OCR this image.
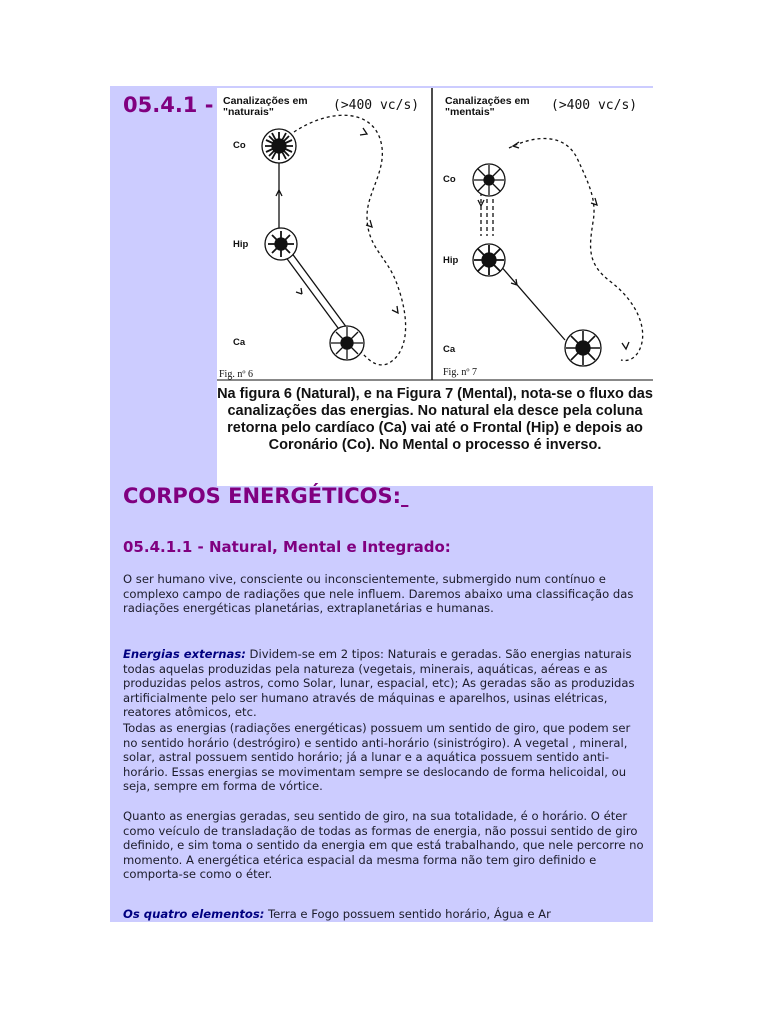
05.4.1 - Canalizações em
"naturais"	(>400 vc/s)
Co
Hip
Ca
Fig. nº 6
Canalizações em
"mentais"	(>400 vc/s)
Co
Hip
Ca
Fig. nº 7
Na figura 6 (Natural), e na Figura 7 (Mental), nota-se o fluxo das canalizações das energias. No natural ela desce pela coluna retorna pelo cardíaco (Ca) vai até o Frontal (Hip) e depois ao Coronário (Co). No Mental o processo é inverso.
CORPOS ENERGÉTICOS:
05.4.1.1 - Natural, Mental e Integrado:
O ser humano vive, consciente ou inconscientemente, submergido num contínuo e complexo campo de radiações que nele influem. Daremos abaixo uma classificação das radiações energéticas planetárias, extraplanetárias e humanas.
Energias externas: Dividem-se em 2 tipos: Naturais e geradas. São energias naturais todas aquelas produzidas pela natureza (vegetais, minerais, aquáticas, aéreas e as produzidas pelos astros, como Solar, lunar, espacial, etc); As geradas são as produzidas artificialmente pelo ser humano através de máquinas e aparelhos, usinas elétricas, reatores atômicos, etc.
Todas as energias (radiações energéticas) possuem um sentido de giro, que podem ser no sentido horário (destrógiro) e sentido anti-horário (sinistrógiro). A vegetal , mineral, solar, astral possuem sentido horário; já a lunar e a aquática possuem sentido anti-horário. Essas energias se movimentam sempre se deslocando de forma helicoidal, ou seja, sempre em forma de vórtice.
Quanto as energias geradas, seu sentido de giro, na sua totalidade, é o horário. O éter como veículo de transladação de todas as formas de energia, não possui sentido de giro definido, e sim toma o sentido da energia em que está trabalhando, que nele percorre no momento. A energética etérica espacial da mesma forma não tem giro definido e comporta-se como o éter.
Os quatro elementos: Terra e Fogo possuem sentido horário, Água e Ar
